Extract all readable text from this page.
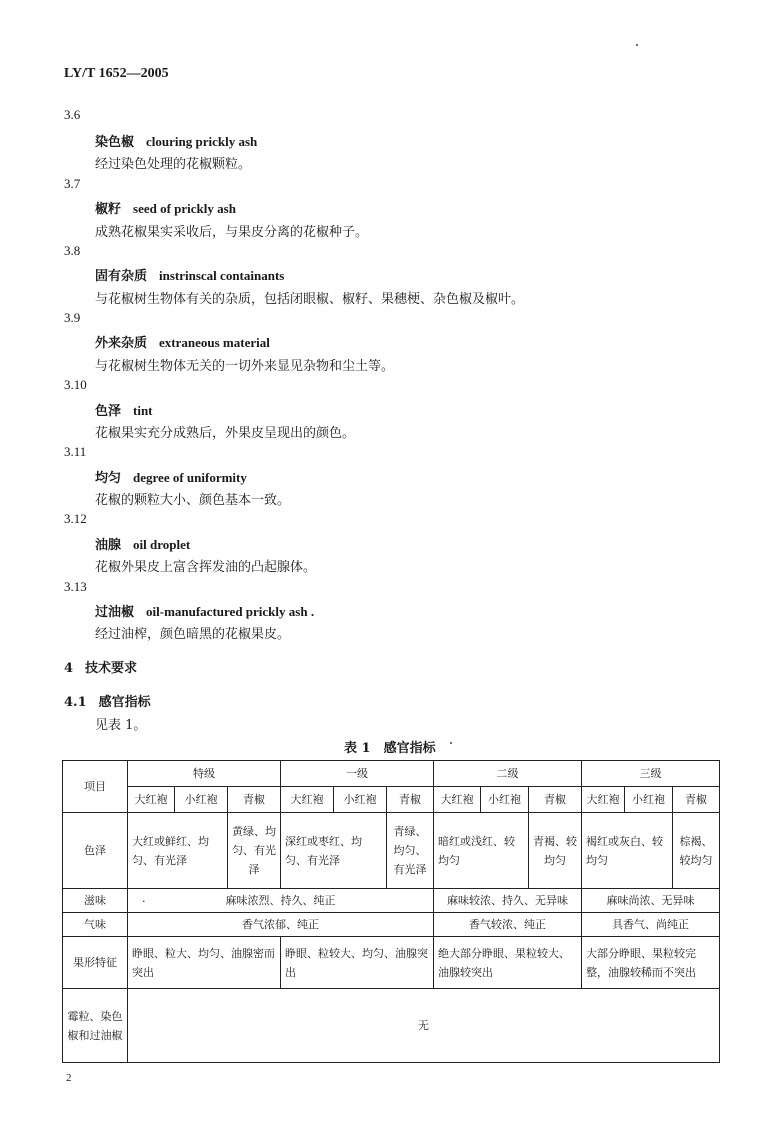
LY/T 1652—2005
3.6
染色椒 clouring prickly ash
经过染色处理的花椒颗粒。
3.7
椒籽 seed of prickly ash
成熟花椒果实采收后，与果皮分离的花椒种子。
3.8
固有杂质 instrinscal containants
与花椒树生物体有关的杂质，包括闭眼椒、椒籽、果穗梗、杂色椒及椒叶。
3.9
外来杂质 extraneous material
与花椒树生物体无关的一切外来显见杂物和尘土等。
3.10
色泽 tint
花椒果实充分成熟后，外果皮呈现出的颜色。
3.11
均匀 degree of uniformity
花椒的颗粒大小、颜色基本一致。
3.12
油腺 oil droplet
花椒外果皮上富含挥发油的凸起腺体。
3.13
过油椒 oil-manufactured prickly ash .
经过油榨，颜色暗黑的花椒果皮。
4 技术要求
4.1 感官指标
见表 1。
表 1　感官指标
项目	特级			一级			二级			三级		
	大红袍	小红袍	青椒	大红袍	小红袍	青椒	大红袍	小红袍	青椒	大红袍	小红袍	青椒
色泽	大红或鲜红、均匀、有光泽		黄绿、均匀、有光泽	深红或枣红、均匀、有光泽		青绿、均匀、有光泽	暗红或浅红、较均匀		青褐、较均匀	褐红或灰白、较均匀		棕褐、较均匀
滋味	. 麻味浓烈、持久、纯正						麻味较浓、持久、无异味			麻味尚浓、无异味		
气味	香气浓郁、纯正						香气较浓、纯正			具香气、尚纯正		
果形特征	睁眼、粒大、均匀、油腺密而突出			睁眼、粒较大、均匀、油腺突出			绝大部分睁眼、果粒较大、油腺较突出			大部分睁眼、果粒较完整，油腺较稀而不突出		
霉粒、染色椒和过油椒	无											
2
